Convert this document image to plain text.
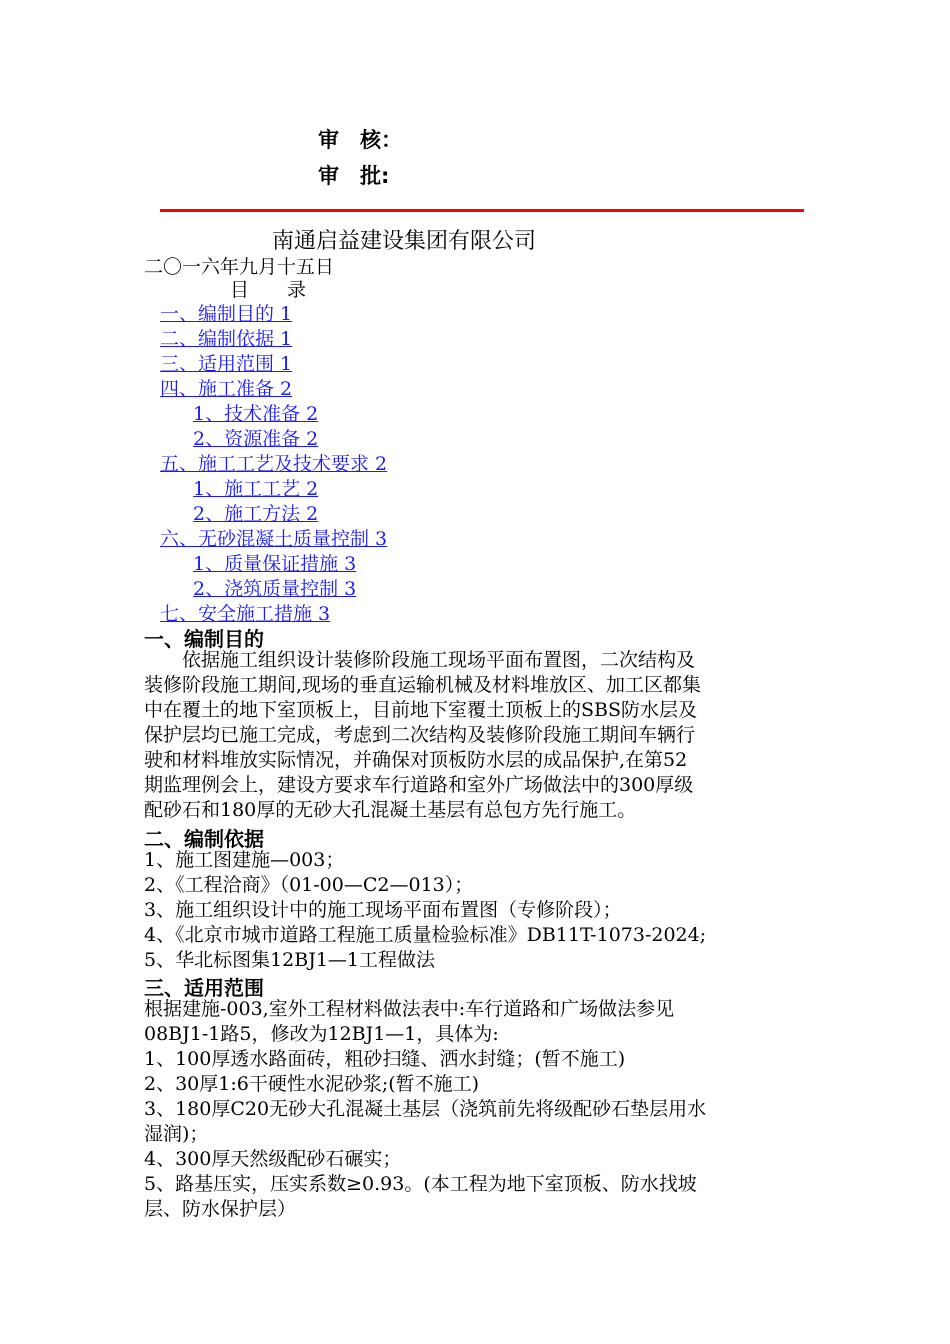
审　核：
审　批:
南通启益建设集团有限公司
二〇一六年九月十五日
目　　录
一、编制目的 1
二、编制依据 1
三、适用范围 1
四、施工准备 2
1、技术准备 2
2、资源准备 2
五、施工工艺及技术要求 2
1、施工工艺 2
2、施工方法 2
六、无砂混凝土质量控制 3
1、质量保证措施 3
2、浇筑质量控制 3
七、安全施工措施 3
一、编制目的
　　依据施工组织设计装修阶段施工现场平面布置图，二次结构及
装修阶段施工期间,现场的垂直运输机械及材料堆放区、加工区都集
中在覆土的地下室顶板上，目前地下室覆土顶板上的SBS防水层及
保护层均已施工完成，考虑到二次结构及装修阶段施工期间车辆行
驶和材料堆放实际情况，并确保对顶板防水层的成品保护,在第52
期监理例会上，建设方要求车行道路和室外广场做法中的300厚级
配砂石和180厚的无砂大孔混凝土基层有总包方先行施工。
二、编制依据
1、施工图建施—003；
2、《工程洽商》（01-00—C2—013）；
3、施工组织设计中的施工现场平面布置图（专修阶段）；
4、《北京市城市道路工程施工质量检验标准》DB11T-1073-2024;
5、华北标图集12BJ1—1工程做法
三、适用范围
根据建施-003,室外工程材料做法表中:车行道路和广场做法参见
08BJ1-1路5，修改为12BJ1—1，具体为:
1、100厚透水路面砖，粗砂扫缝、洒水封缝；(暂不施工)
2、30厚1:6干硬性水泥砂浆;(暂不施工)
3、180厚C20无砂大孔混凝土基层（浇筑前先将级配砂石垫层用水
湿润)；
4、300厚天然级配砂石碾实；
5、路基压实，压实系数≥0.93。(本工程为地下室顶板、防水找坡
层、防水保护层）
